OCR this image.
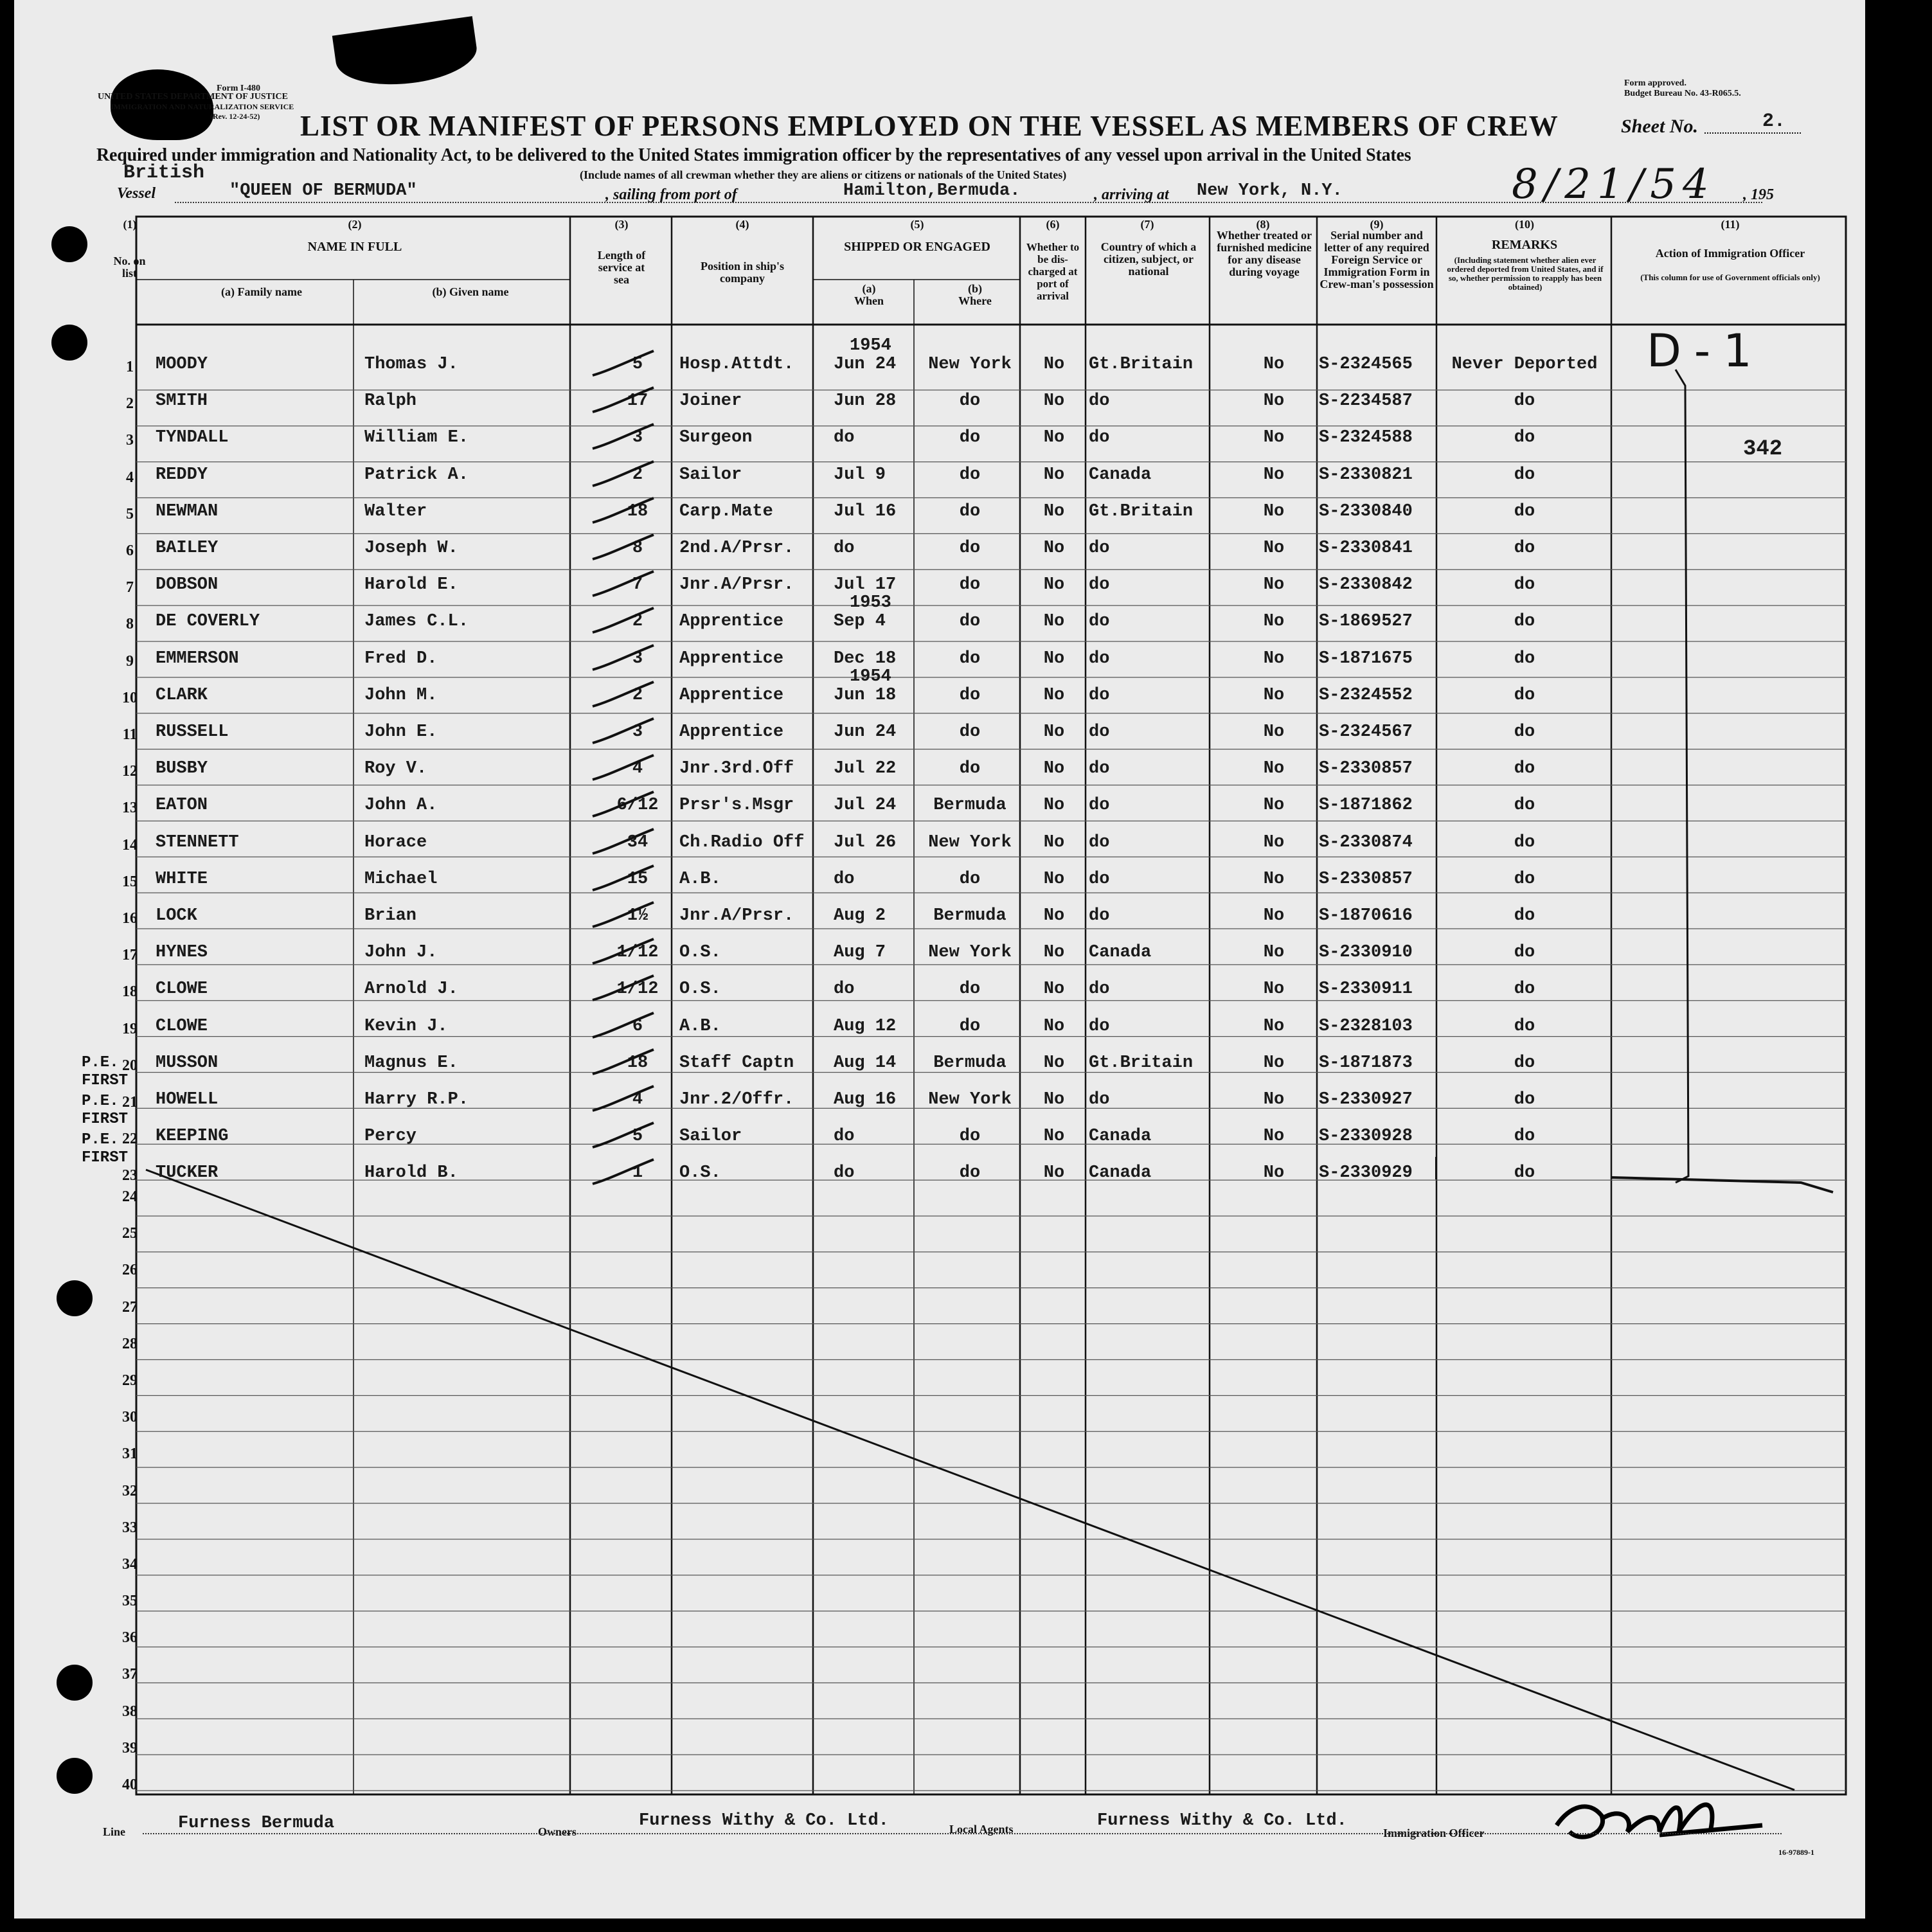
Form I-480
UNITED STATES DEPARTMENT OF JUSTICE
IMMIGRATION AND NATURALIZATION SERVICE
(Rev. 12-24-52)
Form approved.
Budget Bureau No. 43-R065.5.
LIST OR MANIFEST OF PERSONS EMPLOYED ON THE VESSEL AS MEMBERS OF CREW	Sheet No.	2.
Required under immigration and Nationality Act, to be delivered to the United States immigration officer by the representatives of any vessel upon arrival in the United States
(Include names of all crewman whether they are aliens or citizens or nationals of the United States)
British
Vessel	"QUEEN OF BERMUDA"	, sailing from port of	Hamilton,Bermuda.	, arriving at New York, N.Y.	8/21/54 , 195
(1)
No. on list
(2)
NAME IN FULL
(a) Family name	(b) Given name
(3)
Length of service at sea
(4)
Position in ship's company
(5)
SHIPPED OR ENGAGED
(a) When
(b) Where
(6)
Whether to be dis-charged at port of arrival
(7)
Country of which a citizen, subject, or national
(8)
Whether treated or furnished medicine for any disease during voyage
(9)
Serial number and letter of any required Foreign Service or Immigration Form in Crew-man's possession
(10)
REMARKS
(Including statement whether alien ever ordered deported from United States, and if so, whether permission to reapply has been obtained)
(11)
Action of Immigration Officer
(This column for use of Government officials only)
1	MOODY	Thomas J.	5	Hosp.Attdt. Jun 24	New York	No	Gt.Britain	No	S-2324565	Never Deported
1954
2	SMITH	Ralph	17	Joiner	Jun 28	do	No	do	No	S-2234587	do
3	TYNDALL	William E.	3	Surgeon	do	do	No	do	No	S-2324588	do
4	REDDY	Patrick A.	2	Sailor	Jul 9	do	No	Canada	No	S-2330821	do
5	NEWMAN	Walter	18	Carp.Mate	Jul 16	do	No	Gt.Britain	No	S-2330840	do
6	BAILEY	Joseph W.	8	2nd.A/Prsr. do	do	No	do	No	S-2330841	do
7	DOBSON	Harold E.	7	Jnr.A/Prsr. Jul 17	do	No	do	No	S-2330842	do
8	DE COVERLY	James C.L.	2	Apprentice	Sep 4	do	No	do	No	S-1869527	do
1953
9	EMMERSON	Fred D.	3	Apprentice	Dec 18	do	No	do	No	S-1871675	do
10 CLARK	John M.	2	Apprentice	Jun 18	do	No	do	No	S-2324552	do
1954
11	RUSSELL	John E.	3	Apprentice	Jun 24	do	No	do	No	S-2324567	do
12 BUSBY	Roy V.	4	Jnr.3rd.Off Jul 22	do	No	do	No	S-2330857	do
13 EATON	John A.	6/12 Prsr's.Msgr Jul 24	Bermuda	No	do	No	S-1871862	do
14 STENNETT	Horace	34	Ch.Radio Off Jul 26	New York	No	do	No	S-2330874	do
15 WHITE	Michael	15	A.B.	do	do	No	do	No	S-2330857	do
16 LOCK	Brian	1½	Jnr.A/Prsr. Aug 2	Bermuda	No	do	No	S-1870616	do
17 HYNES	John J.	1/12 O.S.	Aug 7	New York	No	Canada	No	S-2330910	do
18 CLOWE	Arnold J.	1/12 O.S.	do	do	No	do	No	S-2330911	do
19 CLOWE	Kevin J.	6	A.B.	Aug 12	do	No	do	No	S-2328103	do
20 MUSSON	Magnus E.	18	Staff Captn Aug 14	Bermuda	No	Gt.Britain	No	S-1871873	do
21 HOWELL	Harry R.P.	4	Jnr.2/Offr. Aug 16	New York	No	do	No	S-2330927	do
22 KEEPING	Percy	5	Sailor	do	do	No	Canada	No	S-2330928	do
23 TUCKER	Harold B.	1	O.S.	do	do	No	Canada	No	S-2330929	do
24
25
26
27
28
29
30
31
32
33
34
35
36
37
38
39
40
P.E.
FIRST
P.E.
FIRST
P.E.
FIRST
D-1
342
Line	Furness Bermuda	Owners
Furness Withy & Co. Ltd.	Local Agents	Furness Withy & Co. Ltd.
Immigration Officer
16-97889-1
